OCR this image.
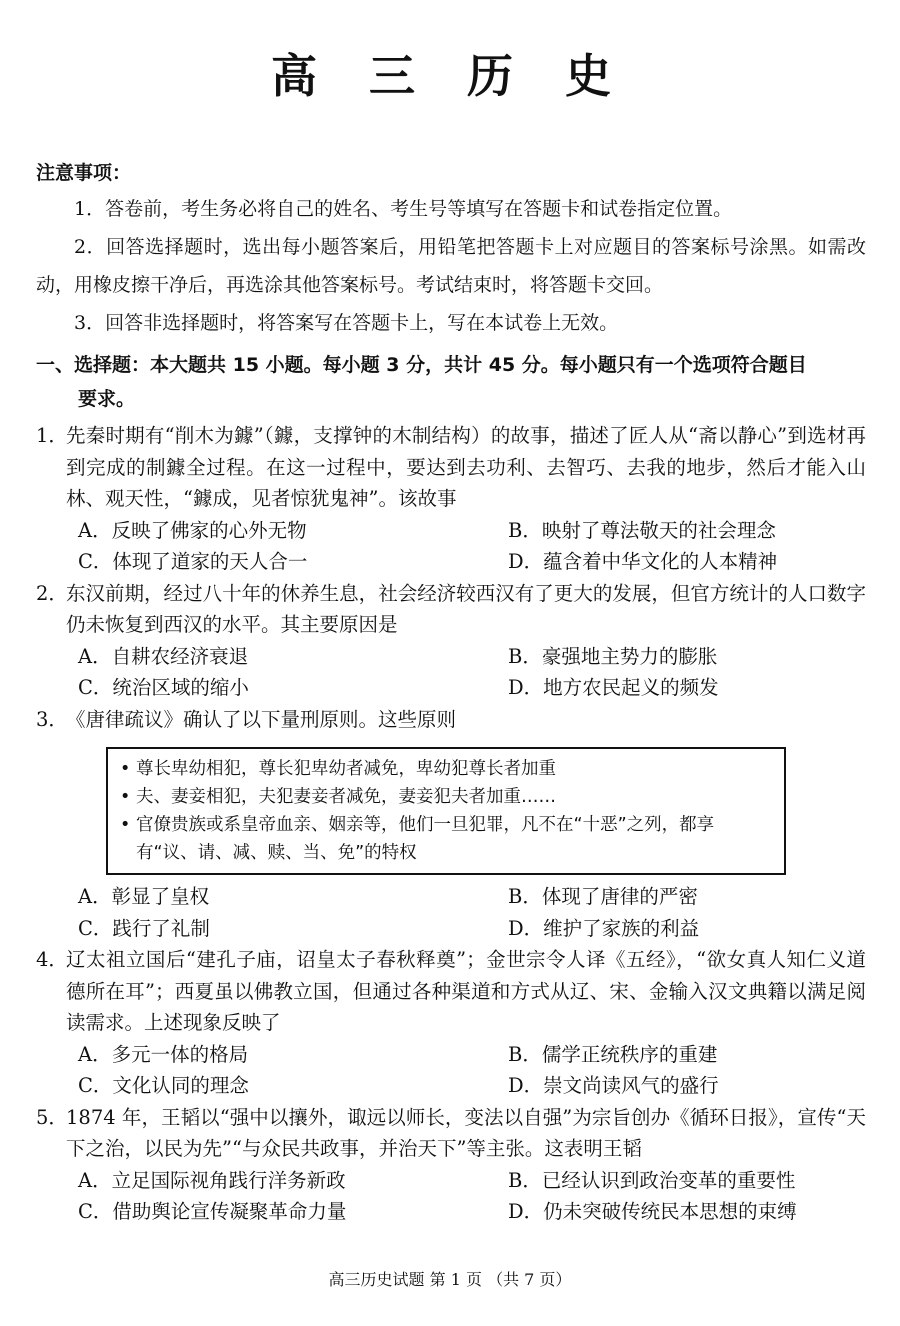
高 三 历 史
注意事项：
1．答卷前，考生务必将自己的姓名、考生号等填写在答题卡和试卷指定位置。
2．回答选择题时，选出每小题答案后，用铅笔把答题卡上对应题目的答案标号涂黑。如需改动，用橡皮擦干净后，再选涂其他答案标号。考试结束时，将答题卡交回。
3．回答非选择题时，将答案写在答题卡上，写在本试卷上无效。
一、选择题：本大题共 15 小题。每小题 3 分，共计 45 分。每小题只有一个选项符合题目
要求。
1．
先秦时期有“削木为鐻”（鐻，支撑钟的木制结构）的故事，描述了匠人从“斋以静心”到选材再到完成的制鐻全过程。在这一过程中，要达到去功利、去智巧、去我的地步，然后才能入山林、观天性，“鐻成，见者惊犹鬼神”。该故事
A．反映了佛家的心外无物	B．映射了尊法敬天的社会理念
C．体现了道家的天人合一	D．蕴含着中华文化的人本精神
2．
东汉前期，经过八十年的休养生息，社会经济较西汉有了更大的发展，但官方统计的人口数字仍未恢复到西汉的水平。其主要原因是
A．自耕农经济衰退	B．豪强地主势力的膨胀
C．统治区域的缩小	D．地方农民起义的频发
3．
《唐律疏议》确认了以下量刑原则。这些原则
• 尊长卑幼相犯，尊长犯卑幼者减免，卑幼犯尊长者加重
• 夫、妻妾相犯，夫犯妻妾者减免，妻妾犯夫者加重……
• 官僚贵族或系皇帝血亲、姻亲等，他们一旦犯罪，凡不在“十恶”之列，都享有“议、请、减、赎、当、免”的特权
A．彰显了皇权	B．体现了唐律的严密
C．践行了礼制	D．维护了家族的利益
4．
辽太祖立国后“建孔子庙，诏皇太子春秋释奠”；金世宗令人译《五经》，“欲女真人知仁义道德所在耳”；西夏虽以佛教立国，但通过各种渠道和方式从辽、宋、金输入汉文典籍以满足阅读需求。上述现象反映了
A．多元一体的格局	B．儒学正统秩序的重建
C．文化认同的理念	D．崇文尚读风气的盛行
5．
1874 年，王韬以“强中以攘外，诹远以师长，变法以自强”为宗旨创办《循环日报》，宣传“天下之治，以民为先”“与众民共政事，并治天下”等主张。这表明王韬
A．立足国际视角践行洋务新政	B．已经认识到政治变革的重要性
C．借助舆论宣传凝聚革命力量	D．仍未突破传统民本思想的束缚
高三历史试题 第 1 页 （共 7 页）
